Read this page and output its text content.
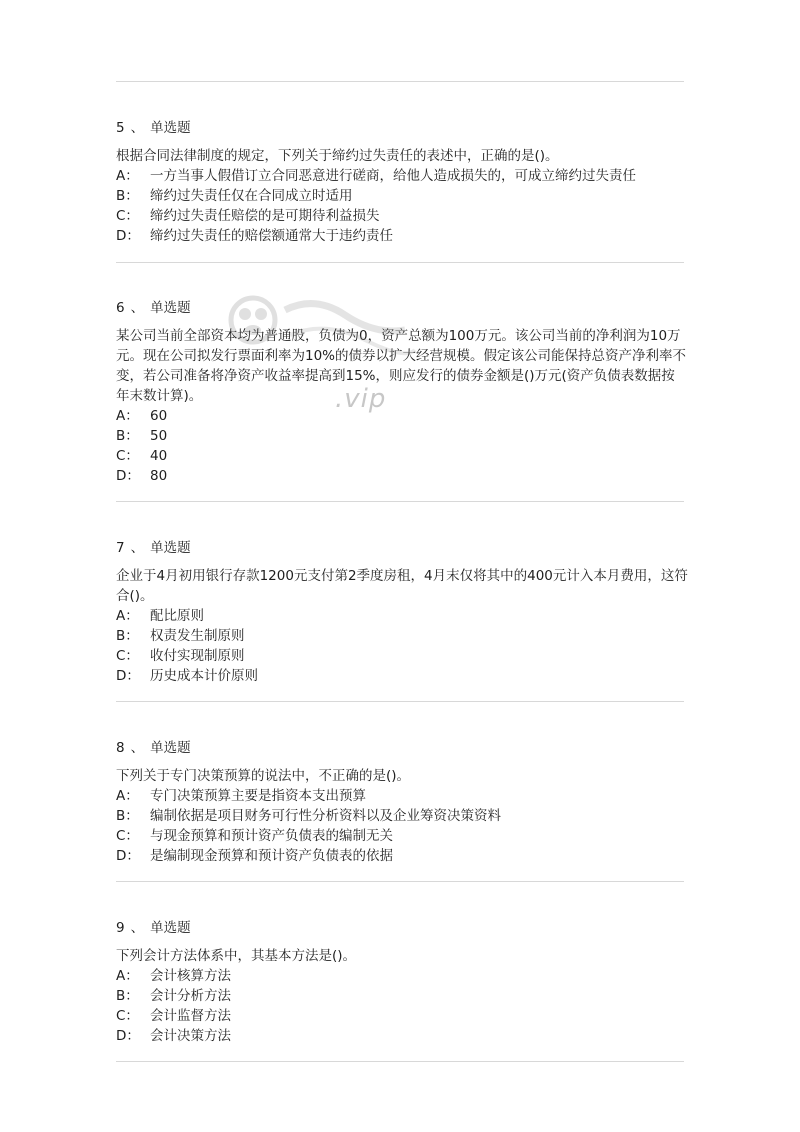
5 、 单选题
根据合同法律制度的规定，下列关于缔约过失责任的表述中，正确的是()。
A： 一方当事人假借订立合同恶意进行磋商，给他人造成损失的，可成立缔约过失责任
B： 缔约过失责任仅在合同成立时适用
C： 缔约过失责任赔偿的是可期待利益损失
D： 缔约过失责任的赔偿额通常大于违约责任
6 、 单选题
某公司当前全部资本均为普通股，负债为0，资产总额为100万元。该公司当前的净利润为10万元。现在公司拟发行票面利率为10%的债券以扩大经营规模。假定该公司能保持总资产净利率不变，若公司准备将净资产收益率提高到15%，则应发行的债券金额是()万元(资产负债表数据按年末数计算)。
A： 60
B： 50
C： 40
D： 80
7 、 单选题
企业于4月初用银行存款1200元支付第2季度房租，4月末仅将其中的400元计入本月费用，这符合()。
A： 配比原则
B： 权责发生制原则
C： 收付实现制原则
D： 历史成本计价原则
8 、 单选题
下列关于专门决策预算的说法中，不正确的是()。
A： 专门决策预算主要是指资本支出预算
B： 编制依据是项目财务可行性分析资料以及企业筹资决策资料
C： 与现金预算和预计资产负债表的编制无关
D： 是编制现金预算和预计资产负债表的依据
9 、 单选题
下列会计方法体系中，其基本方法是()。
A： 会计核算方法
B： 会计分析方法
C： 会计监督方法
D： 会计决策方法
.vip
